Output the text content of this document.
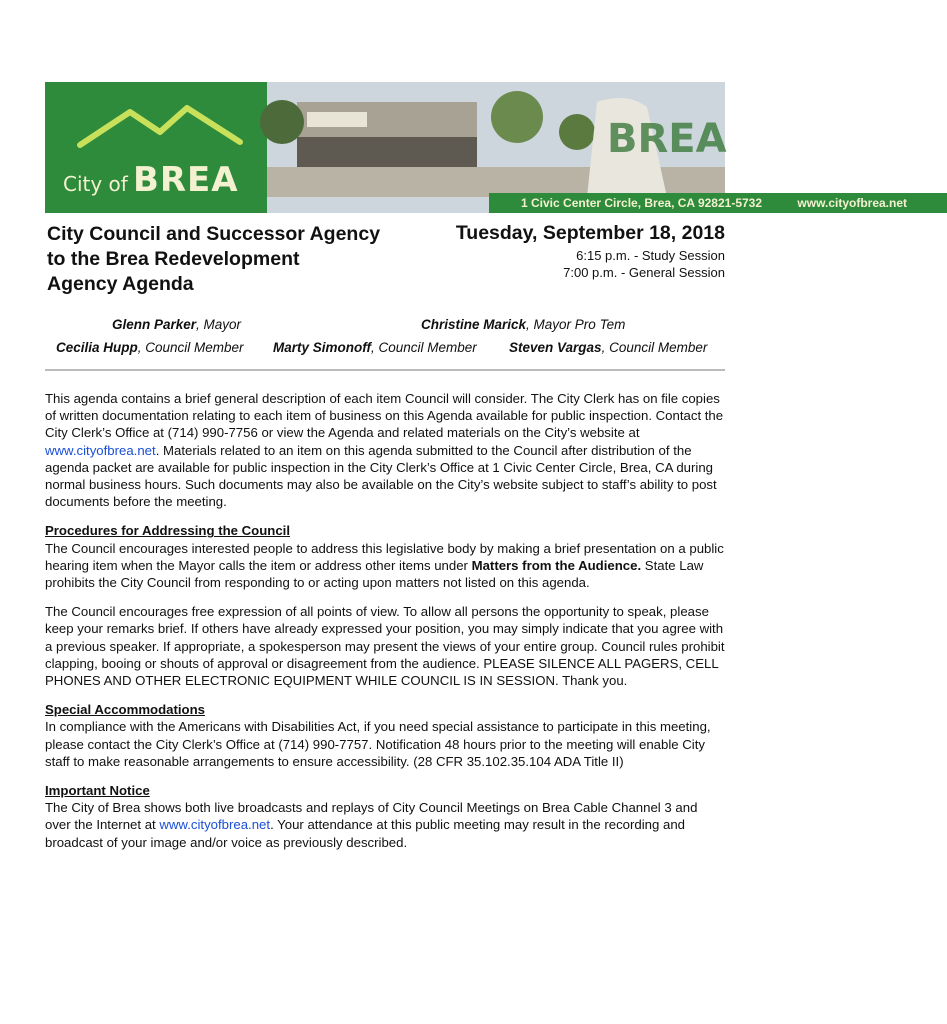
City of BREA
BREA
1 Civic Center Circle, Brea, CA 92821-5732	www.cityofbrea.net
City Council and Successor Agency
to the Brea Redevelopment
Agency Agenda
Tuesday, September 18, 2018
6:15 p.m. - Study Session
7:00 p.m. - General Session
Glenn Parker, Mayor	Christine Marick, Mayor Pro Tem
Cecilia Hupp, Council Member Marty Simonoff, Council Member Steven Vargas, Council Member

This agenda contains a brief general description of each item Council will consider. The City Clerk has on file copies of written documentation relating to each item of business on this Agenda available for public inspection. Contact the City Clerk’s Office at (714) 990-7756 or view the Agenda and related materials on the City’s website at www.cityofbrea.net. Materials related to an item on this agenda submitted to the Council after distribution of the agenda packet are available for public inspection in the City Clerk’s Office at 1 Civic Center Circle, Brea, CA during normal business hours. Such documents may also be available on the City’s website subject to staff’s ability to post documents before the meeting.

Procedures for Addressing the Council

The Council encourages interested people to address this legislative body by making a brief presentation on a public hearing item when the Mayor calls the item or address other items under Matters from the Audience. State Law prohibits the City Council from responding to or acting upon matters not listed on this agenda.

The Council encourages free expression of all points of view. To allow all persons the opportunity to speak, please keep your remarks brief. If others have already expressed your position, you may simply indicate that you agree with a previous speaker. If appropriate, a spokesperson may present the views of your entire group. Council rules prohibit clapping, booing or shouts of approval or disagreement from the audience. PLEASE SILENCE ALL PAGERS, CELL PHONES AND OTHER ELECTRONIC EQUIPMENT WHILE COUNCIL IS IN SESSION. Thank you.

Special Accommodations

In compliance with the Americans with Disabilities Act, if you need special assistance to participate in this meeting, please contact the City Clerk’s Office at (714) 990-7757. Notification 48 hours prior to the meeting will enable City staff to make reasonable arrangements to ensure accessibility. (28 CFR 35.102.35.104 ADA Title II)

Important Notice

The City of Brea shows both live broadcasts and replays of City Council Meetings on Brea Cable Channel 3 and over the Internet at www.cityofbrea.net. Your attendance at this public meeting may result in the recording and broadcast of your image and/or voice as previously described.
